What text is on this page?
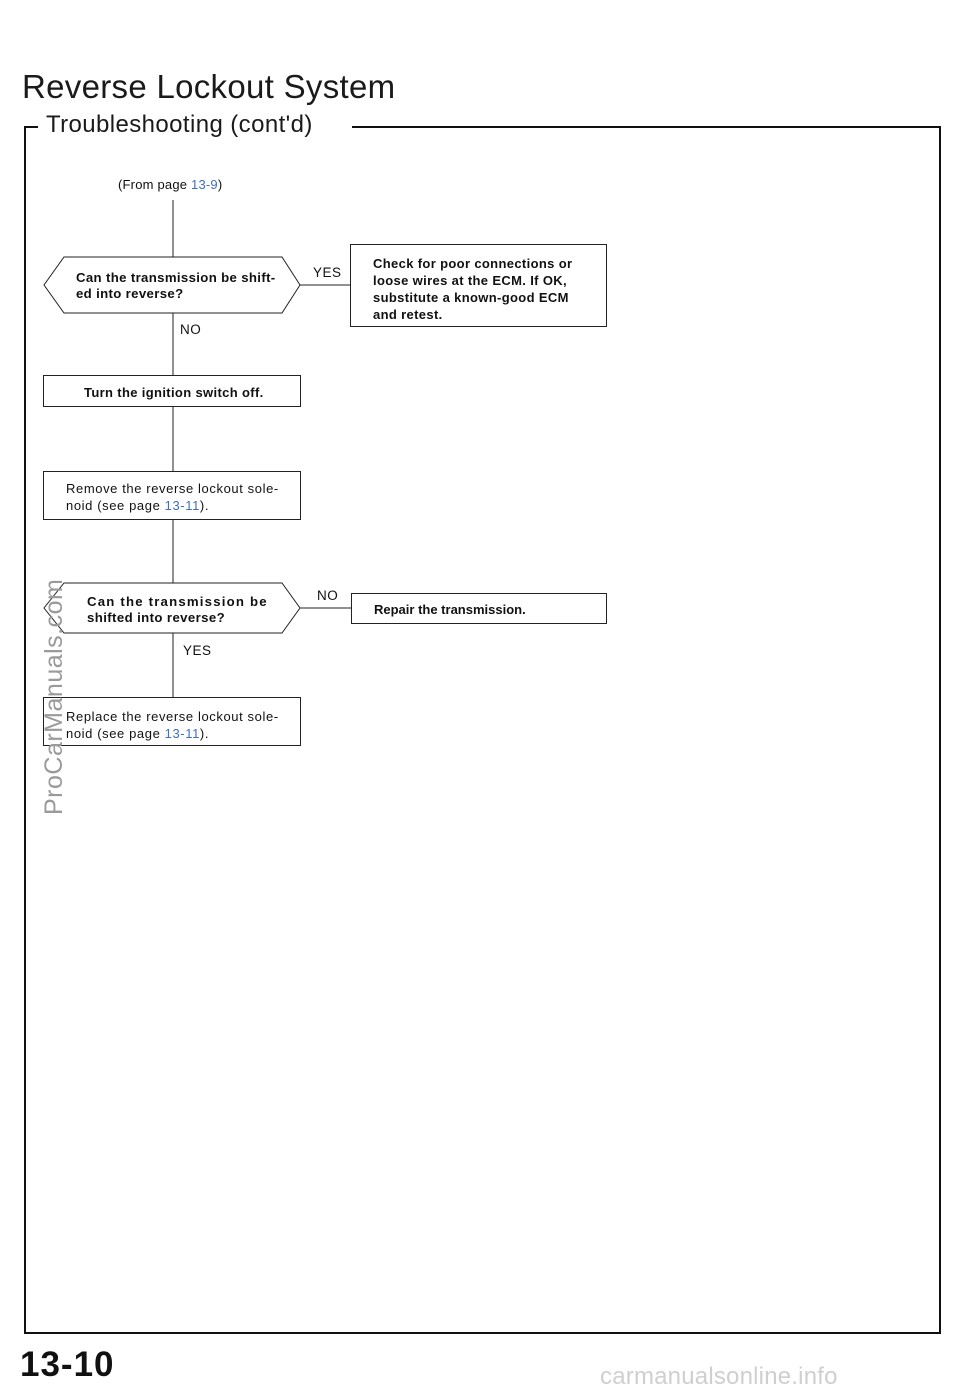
Reverse Lockout System
Troubleshooting (cont'd)
(From page 13-9)
Can the transmission be shift-
ed into reverse?
YES
Check for poor connections or
loose wires at the ECM. If OK,
substitute a known-good ECM
and retest.
NO
Turn the ignition switch off.
Remove the reverse lockout sole-
noid (see page 13-11).
Can the transmission be
shifted into reverse?
NO
Repair the transmission.
YES
Replace the reverse lockout sole-
noid (see page 13-11).
ProCarManuals.com
13-10	carmanualsonline.info
